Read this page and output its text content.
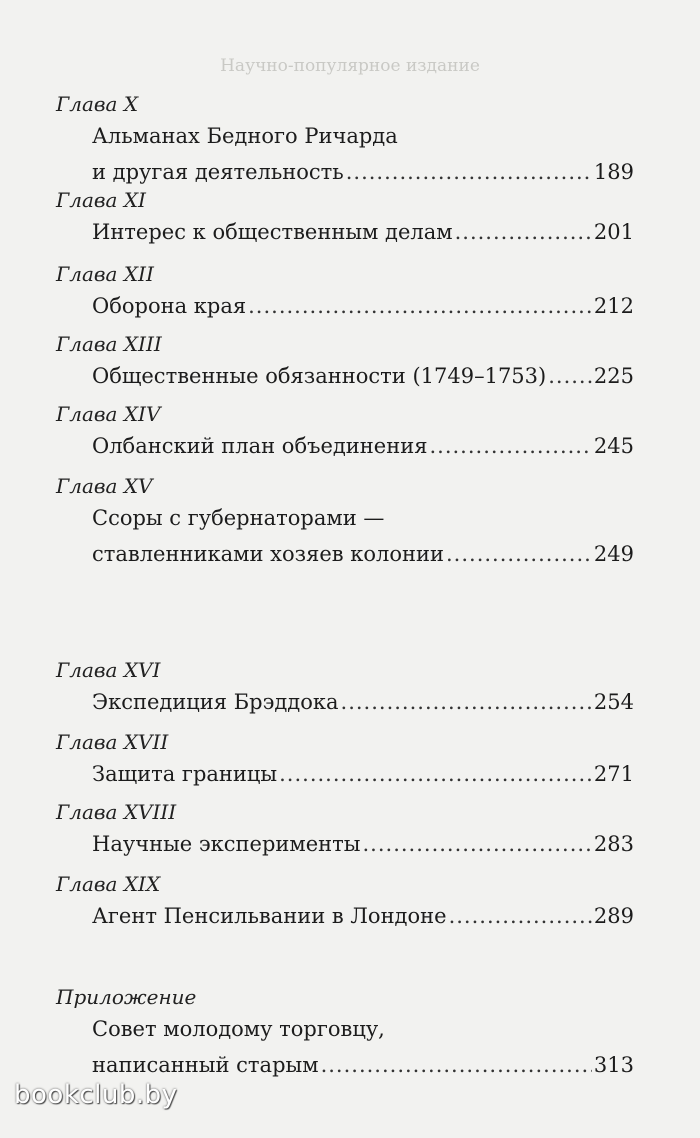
Научно-популярное издание
Глава X
Альманах Бедного Ричарда
и другая деятельность .....	189
Глава XI
Интерес к общественным делам .....	201
Глава XII
Оборона края .....	212
Глава XIII
Общественные обязанности (1749–1753) ..... 225
Глава XIV
Олбанский план объединения .....	245
Глава XV
Ссоры с губернаторами —
ставленниками хозяев колонии .....	249
Глава XVI
Экспедиция Брэддока .....	254
Глава XVII
Защита границы .....	271
Глава XVIII
Научные эксперименты .....	283
Глава XIX
Агент Пенсильвании в Лондоне .....	289
Приложение
Совет молодому торговцу,
написанный старым .....	313
bookclub.by
